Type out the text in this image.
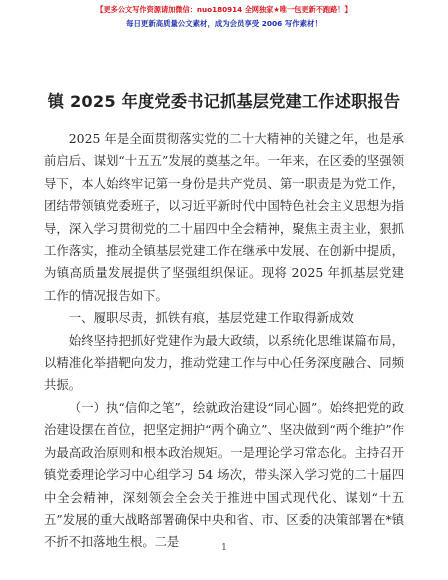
【更多公文写作资源请加微信：nuo180914 全网独家★唯一包更新不跑路！】
每日更新高质量公文素材，成为会员享受 2006 写作素材！
镇 2025 年度党委书记抓基层党建工作述职报告

2025 年是全面贯彻落实党的二十大精神的关键之年，也是承前启后、谋划“十五五”发展的奠基之年。一年来，在区委的坚强领导下，本人始终牢记第一身份是共产党员、第一职责是为党工作，团结带领镇党委班子，以习近平新时代中国特色社会主义思想为指导，深入学习贯彻党的二十届四中全会精神，聚焦主责主业，狠抓工作落实，推动全镇基层党建工作在继承中发展、在创新中提质，为镇高质量发展提供了坚强组织保证。现将 2025 年抓基层党建工作的情况报告如下。

一、履职尽责，抓铁有痕，基层党建工作取得新成效

始终坚持把抓好党建作为最大政绩，以系统化思维谋篇布局，以精准化举措靶向发力，推动党建工作与中心任务深度融合、同频共振。

（一）执“信仰之笔”，绘就政治建设“同心圆”。始终把党的政治建设摆在首位，把坚定拥护“两个确立”、坚决做到“两个维护”作为最高政治原则和根本政治规矩。一是理论学习常态化。主持召开镇党委理论学习中心组学习 54 场次，带头深入学习党的二十届四中全会精神，深刻领会全会关于推进中国式现代化、谋划“十五五”发展的重大战略部署确保中央和省、市、区委的决策部署在*镇不折不扣落地生根。二是	1
